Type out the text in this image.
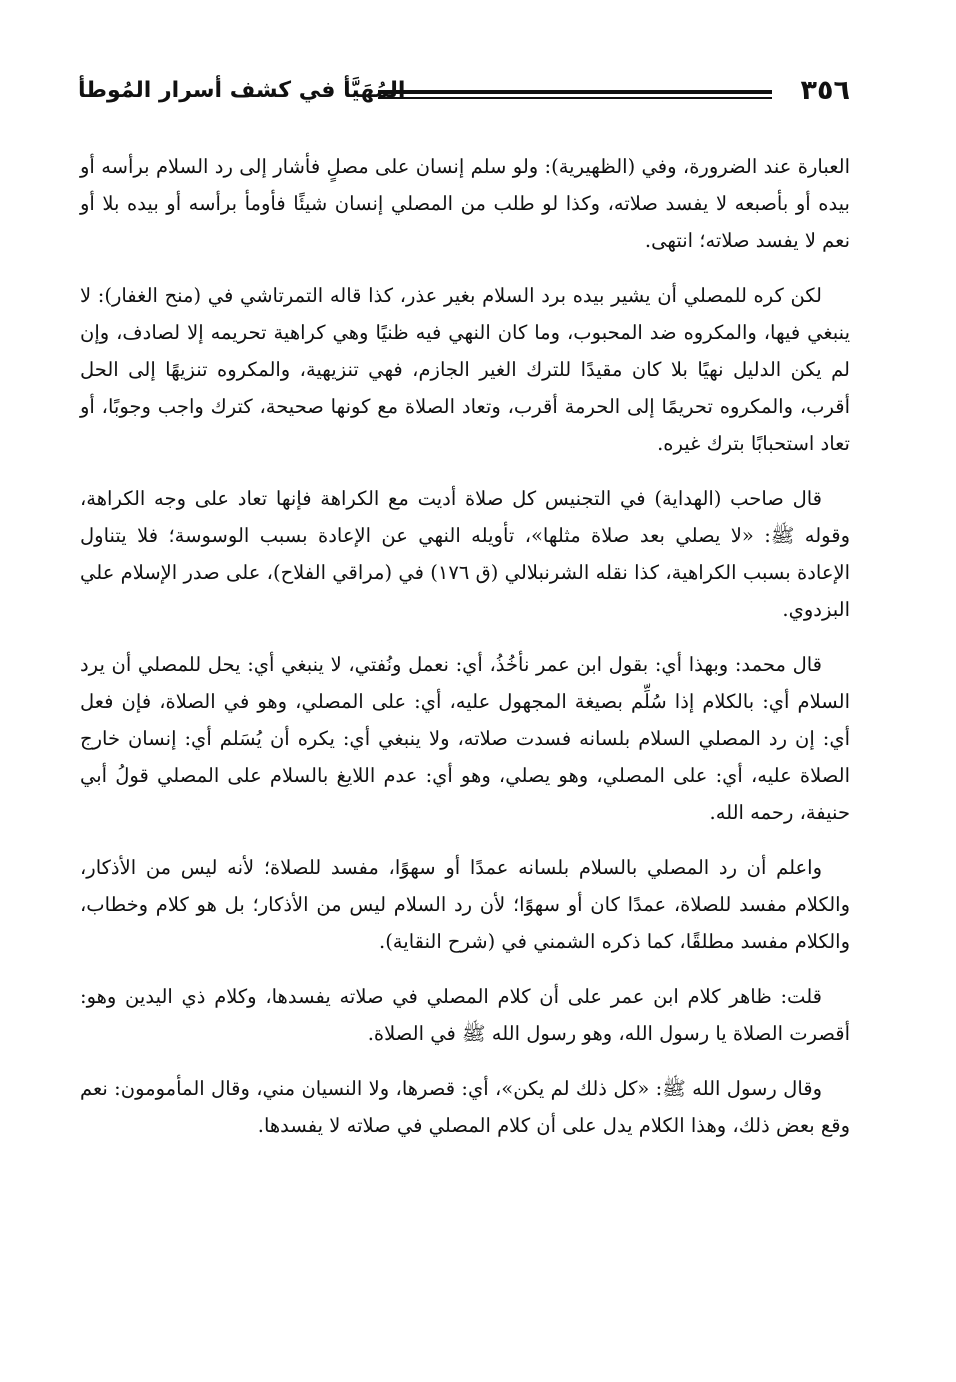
٣٥٦
المُهَيَّأ في كشف أسرار المُوطأ

العبارة عند الضرورة، وفي (الظهيرية): ولو سلم إنسان على مصلٍ فأشار إلى رد السلام برأسه أو بيده أو بأصبعه لا يفسد صلاته، وكذا لو طلب من المصلي إنسان شيئًا فأومأ برأسه أو بيده بلا أو نعم لا يفسد صلاته؛ انتهى.

لكن كره للمصلي أن يشير بيده برد السلام بغير عذر، كذا قاله التمرتاشي في (منح الغفار): لا ينبغي فيها، والمكروه ضد المحبوب، وما كان النهي فيه ظنيًا وهي كراهية تحريمه إلا لصادف، وإن لم يكن الدليل نهيًا بلا كان مقيدًا للترك الغير الجازم، فهي تنزيهية، والمكروه تنزيهًا إلى الحل أقرب، والمكروه تحريمًا إلى الحرمة أقرب، وتعاد الصلاة مع كونها صحيحة، كترك واجب وجوبًا، أو تعاد استحبابًا بترك غيره.

قال صاحب (الهداية) في التجنيس كل صلاة أديت مع الكراهة فإنها تعاد على وجه الكراهة، وقوله ﷺ: «لا يصلي بعد صلاة مثلها»، تأويله النهي عن الإعادة بسبب الوسوسة؛ فلا يتناول الإعادة بسبب الكراهية، كذا نقله الشرنبلالي (ق ١٧٦) في (مراقي الفلاح)، على صدر الإسلام علي البزدوي.

قال محمد: وبهذا أي: بقول ابن عمر نأخُذُ، أي: نعمل ونُفتي، لا ينبغي أي: يحل للمصلي أن يرد السلام أي: بالكلام إذا سُلِّم بصيغة المجهول عليه، أي: على المصلي، وهو في الصلاة، فإن فعل أي: إن رد المصلي السلام بلسانه فسدت صلاته، ولا ينبغي أي: يكره أن يُسَلم أي: إنسان خارج الصلاة عليه، أي: على المصلي، وهو يصلي، وهو أي: عدم اللايغ بالسلام على المصلي قولُ أبي حنيفة، رحمه الله.

واعلم أن رد المصلي بالسلام بلسانه عمدًا أو سهوًا، مفسد للصلاة؛ لأنه ليس من الأذكار، والكلام مفسد للصلاة، عمدًا كان أو سهوًا؛ لأن رد السلام ليس من الأذكار؛ بل هو كلام وخطاب، والكلام مفسد مطلقًا، كما ذكره الشمني في (شرح النقاية).

قلت: ظاهر كلام ابن عمر على أن كلام المصلي في صلاته يفسدها، وكلام ذي اليدين وهو: أقصرت الصلاة يا رسول الله، وهو رسول الله ﷺ في الصلاة.

وقال رسول الله ﷺ: «كل ذلك لم يكن»، أي: قصرها، ولا النسيان مني، وقال المأمومون: نعم وقع بعض ذلك، وهذا الكلام يدل على أن كلام المصلي في صلاته لا يفسدها.
